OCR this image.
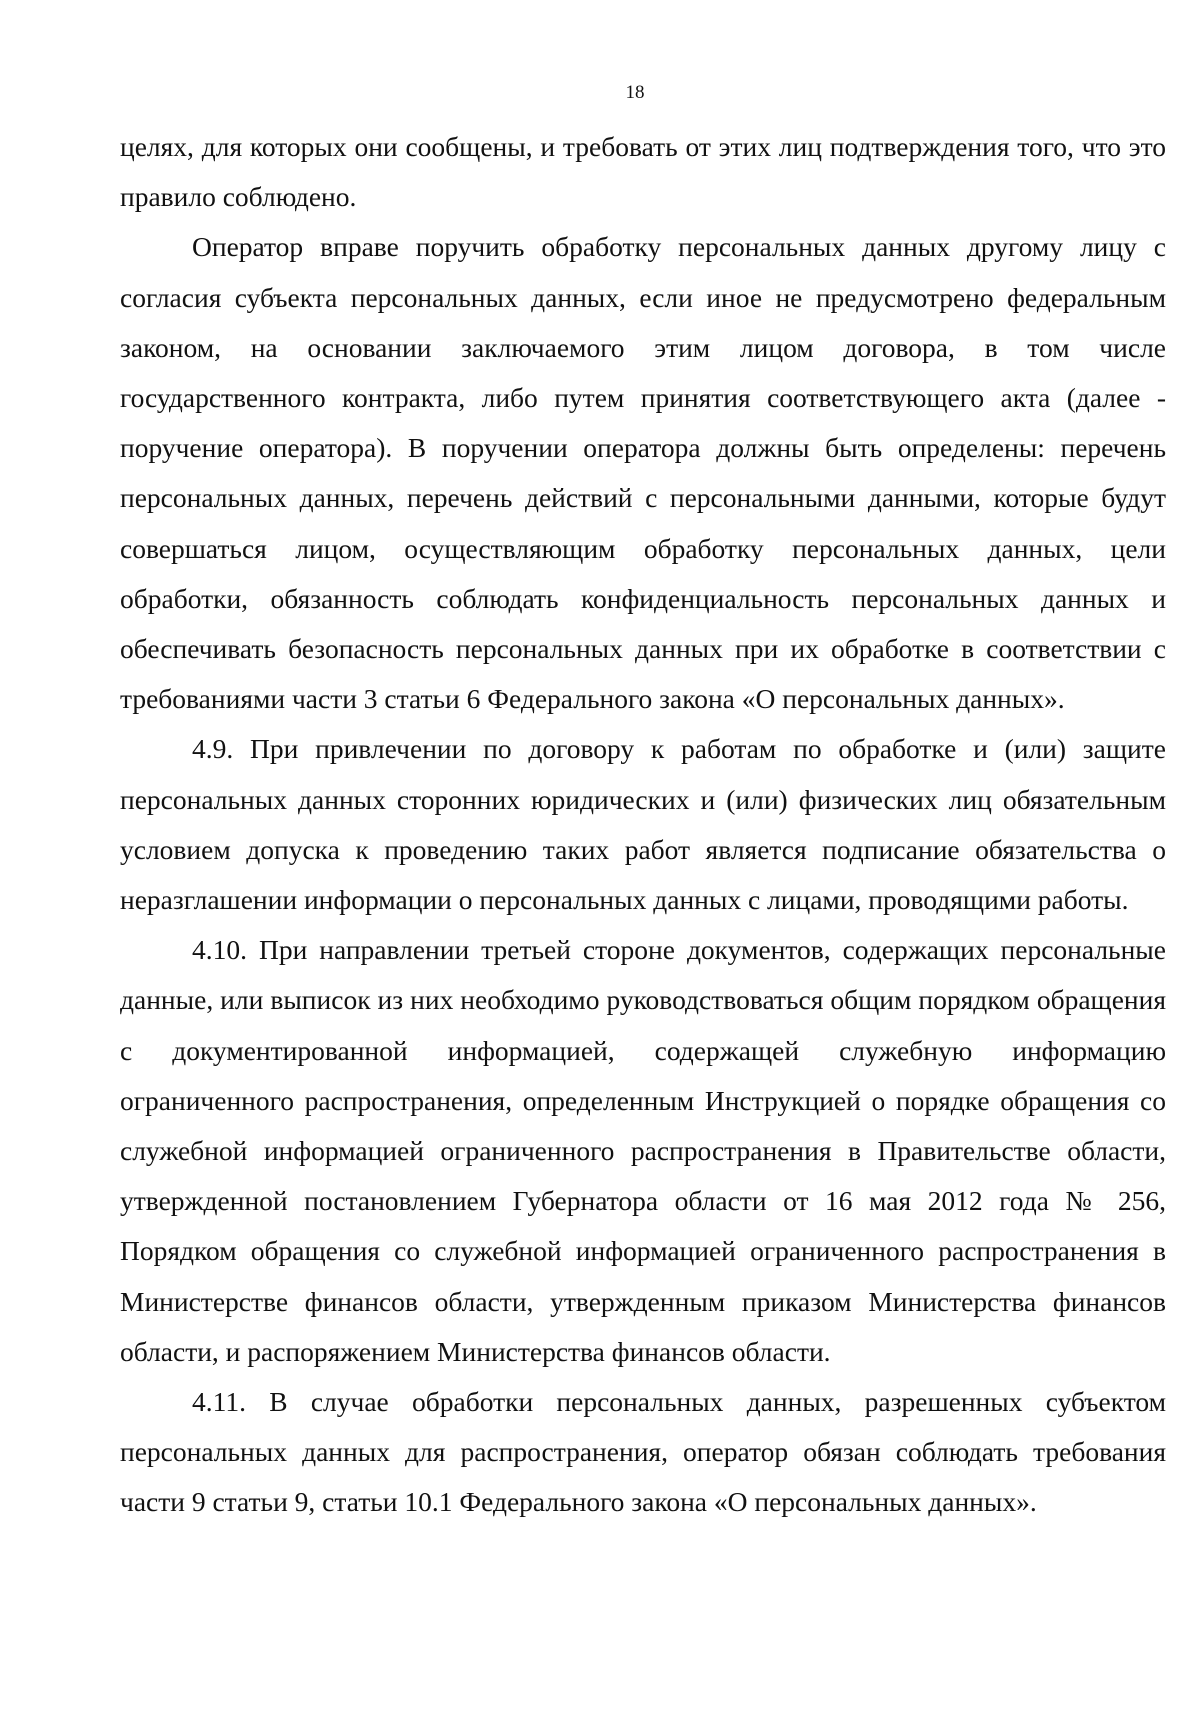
18

целях, для которых они сообщены, и требовать от этих лиц подтверждения того, что это правило соблюдено.

Оператор вправе поручить обработку персональных данных другому лицу с согласия субъекта персональных данных, если иное не предусмотрено федеральным законом, на основании заключаемого этим лицом договора, в том числе государственного контракта, либо путем принятия соответствующего акта (далее - поручение оператора). В поручении оператора должны быть определены: перечень персональных данных, перечень действий с персональными данными, которые будут совершаться лицом, осуществляющим обработку персональных данных, цели обработки, обязанность соблюдать конфиденциальность персональных данных и обеспечивать безопасность персональных данных при их обработке в соответствии с требованиями части 3 статьи 6 Федерального закона «О персональных данных».

4.9. При привлечении по договору к работам по обработке и (или) защите персональных данных сторонних юридических и (или) физических лиц обязательным условием допуска к проведению таких работ является подписание обязательства о неразглашении информации о персональных данных с лицами, проводящими работы.

4.10. При направлении третьей стороне документов, содержащих персональные данные, или выписок из них необходимо руководствоваться общим порядком обращения с документированной информацией, содержащей служебную информацию ограниченного распространения, определенным Инструкцией о порядке обращения со служебной информацией ограниченного распространения в Правительстве области, утвержденной постановлением Губернатора области от 16 мая 2012 года № 256, Порядком обращения со служебной информацией ограниченного распространения в Министерстве финансов области, утвержденным приказом Министерства финансов области, и распоряжением Министерства финансов области.

4.11. В случае обработки персональных данных, разрешенных субъектом персональных данных для распространения, оператор обязан соблюдать требования части 9 статьи 9, статьи 10.1 Федерального закона «О персональных данных».
